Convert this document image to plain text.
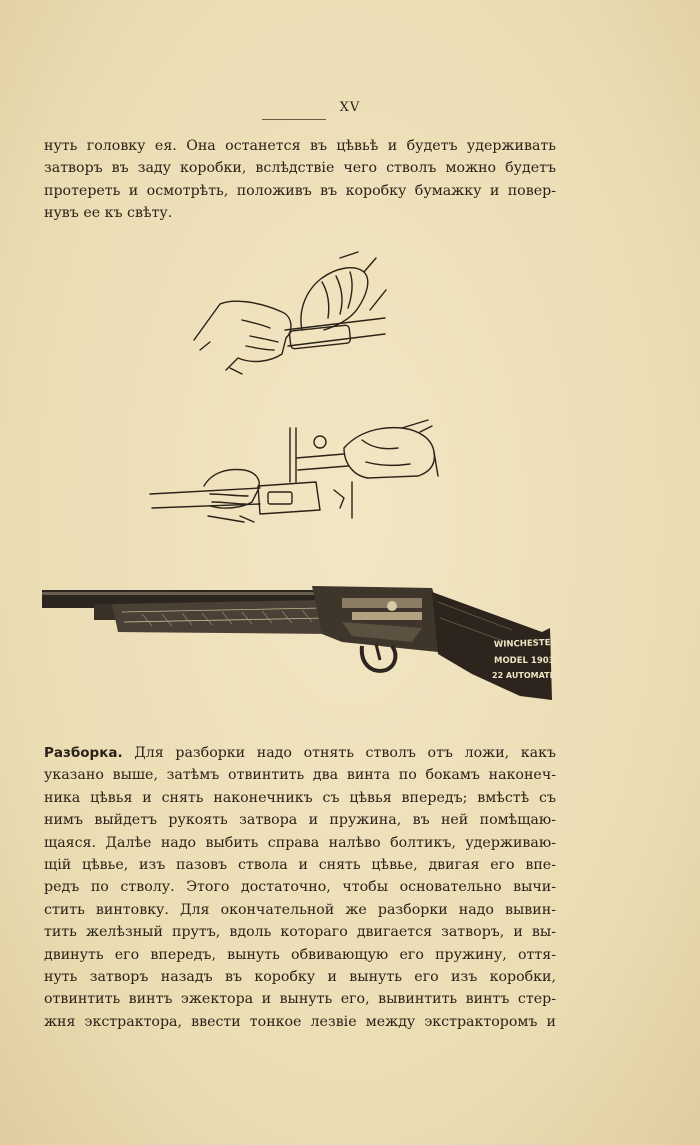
XV
нуть головку ея. Она останется въ цѣвьѣ и будетъ удерживать
затворъ въ заду коробки, вслѣдствіе чего стволъ можно будетъ
протереть и осмотрѣть, положивъ въ коробку бумажку и повер-
нувъ ее къ свѣту.
WINCHESTER
MODEL 1903
22 AUTOMATIC
Разборка. Для разборки надо отнять стволъ отъ ложи, какъ
указано выше, затѣмъ отвинтить два винта по бокамъ наконеч-
ника цѣвья и снять наконечникъ съ цѣвья впередъ; вмѣстѣ съ
нимъ выйдетъ рукоять затвора и пружина, въ ней помѣщаю-
щаяся. Далѣе надо выбить справа налѣво болтикъ, удерживаю-
щій цѣвье, изъ пазовъ ствола и снять цѣвье, двигая его впе-
редъ по стволу. Этого достаточно, чтобы основательно вычи-
стить винтовку. Для окончательной же разборки надо вывин-
тить желѣзный прутъ, вдоль котораго двигается затворъ, и вы-
двинуть его впередъ, вынуть обвивающую его пружину, оття-
нуть затворъ назадъ въ коробку и вынуть его изъ коробки,
отвинтить винтъ эжектора и вынуть его, вывинтить винтъ стер-
жня экстрактора, ввести тонкое лезвіе между экстракторомъ и
